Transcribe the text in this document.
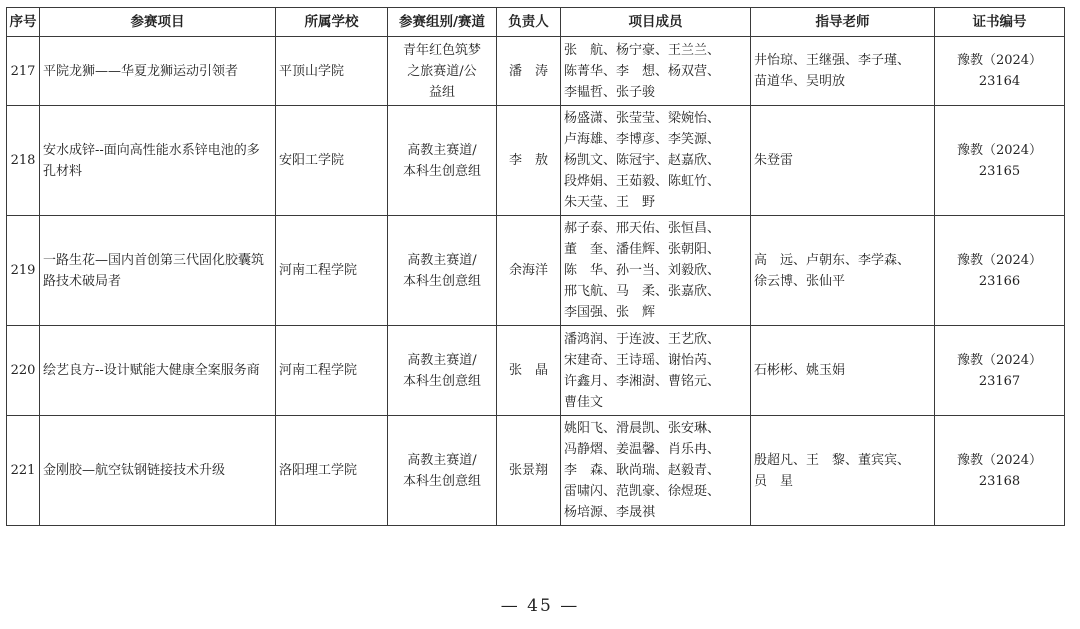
序号	参赛项目	所属学校	参赛组别/赛道	负责人	项目成员	指导老师	证书编号
217	平院龙狮——华夏龙狮运动引领者	平顶山学院	青年红色筑梦
之旅赛道/公
益组	潘　涛	张　航、杨宁豪、王兰兰、
陈菁华、李　想、杨双营、
李韫哲、张子骏	井怡琼、王继强、李子瑾、
苗道华、吴明放	豫教（2024）23164
218	安水成锌--面向高性能水系锌电池的多孔材料	安阳工学院	高教主赛道/
本科生创意组	李　敖	杨盛潇、张莹莹、梁婉怡、
卢海雄、李博彦、李笑源、
杨凯文、陈冠宇、赵嘉欣、
段烨娟、王茹毅、陈虹竹、
朱天莹、王　野	朱登雷	豫教（2024）23165
219	一路生花—国内首创第三代固化胶囊筑路技术破局者	河南工程学院	高教主赛道/
本科生创意组	余海洋	郝子泰、邢天佑、张恒昌、
董　奎、潘佳辉、张朝阳、
陈　华、孙一当、刘毅欣、
邢飞航、马　柔、张嘉欣、
李国强、张　辉	高　远、卢朝东、李学森、
徐云博、张仙平	豫教（2024）23166
220	绘艺良方--设计赋能大健康全案服务商	河南工程学院	高教主赛道/
本科生创意组	张　晶	潘鸿润、于连波、王艺欣、
宋建奇、王诗瑶、谢怡芮、
许鑫月、李湘澍、曹铭元、
曹佳文	石彬彬、姚玉娟	豫教（2024）23167
221	金刚胶—航空钛钢链接技术升级	洛阳理工学院	高教主赛道/
本科生创意组	张景翔	姚阳飞、滑晨凯、张安琳、
冯静熠、姜温馨、肖乐冉、
李　森、耿尚瑞、赵毅青、
雷啸闪、范凯豪、徐煜珽、
杨培源、李晟祺	殷超凡、王　黎、董宾宾、
员　星	豫教（2024）23168
— 45 —
